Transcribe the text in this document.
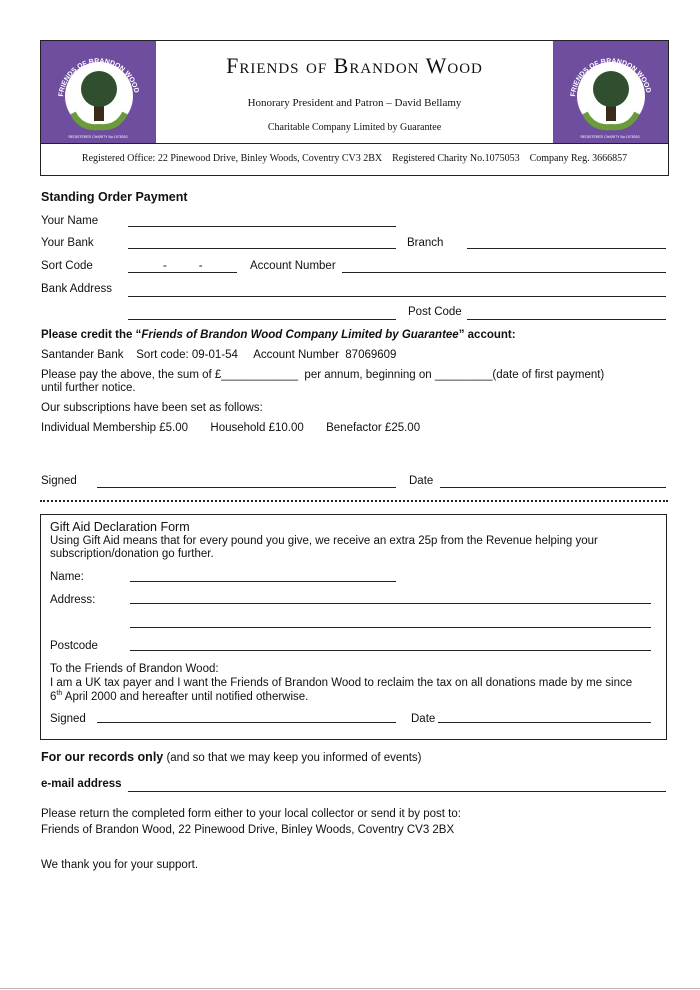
FRIENDS OF BRANDON WOOD
REGISTERED CHARITY No.1075053
FRIENDS OF BRANDON WOOD
REGISTERED CHARITY No.1075053
Friends of Brandon Wood
Honorary President and Patron – David Bellamy
Charitable Company Limited by Guarantee
Registered Office: 22 Pinewood Drive, Binley Woods, Coventry CV3 2BX    Registered Charity No.1075053    Company Reg. 3666857
Standing Order Payment
Your Name
Your Bank	Branch
Sort Code	-          -	Account Number
Bank Address
Post Code
Please credit the “Friends of Brandon Wood Company Limited by Guarantee” account:
Santander Bank    Sort code: 09-01-54     Account Number  87069609
Please pay the above, the sum of £____________  per annum, beginning on _________(date of first payment)
until further notice.
Our subscriptions have been set as follows:
Individual Membership £5.00       Household £10.00       Benefactor £25.00
Signed	Date
Gift Aid Declaration Form
Using Gift Aid means that for every pound you give, we receive an extra 25p from the Revenue helping your subscription/donation go further.
Name:
Address:
Postcode
To the Friends of Brandon Wood:
I am a UK tax payer and I want the Friends of Brandon Wood to reclaim the tax on all donations made by me since
6th April 2000 and hereafter until notified otherwise.
Signed	Date
For our records only (and so that we may keep you informed of events)
e-mail address
Please return the completed form either to your local collector or send it by post to:
Friends of Brandon Wood, 22 Pinewood Drive, Binley Woods, Coventry CV3 2BX
We thank you for your support.
